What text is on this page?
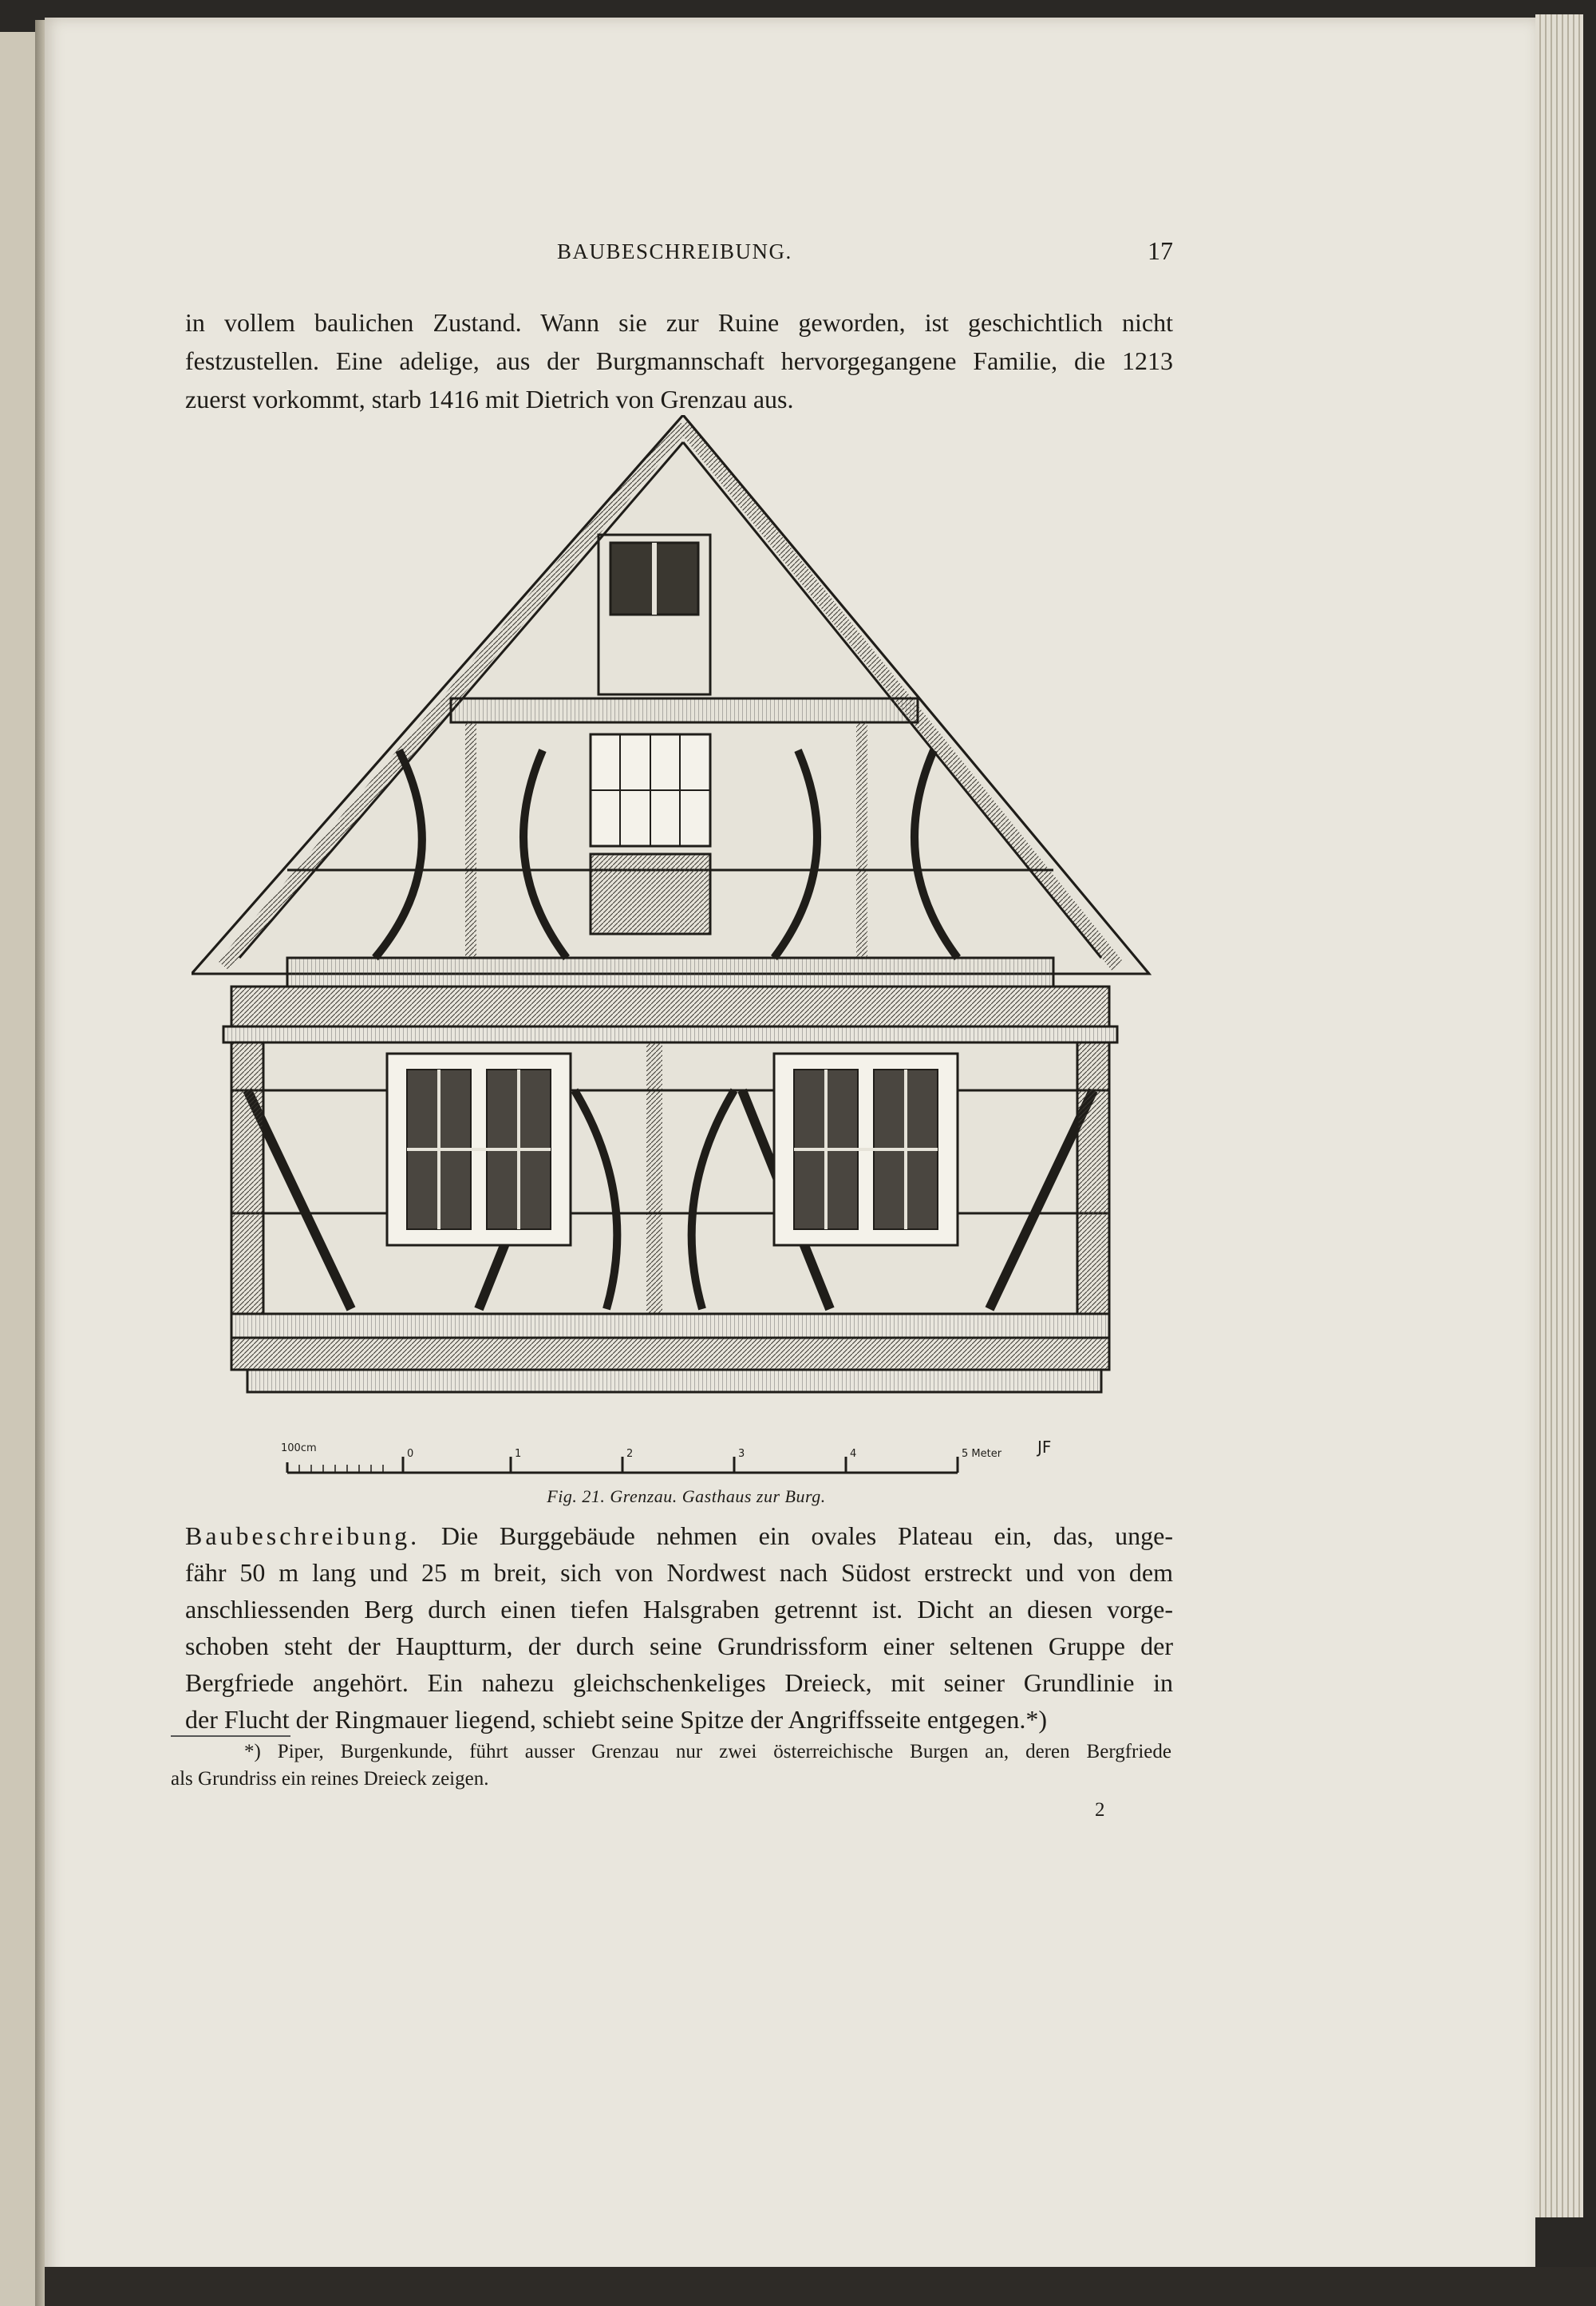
BAUBESCHREIBUNG.	17
in vollem baulichen Zustand. Wann sie zur Ruine geworden, ist geschichtlich nicht
festzustellen. Eine adelige, aus der Burgmannschaft hervorgegangene Familie, die 1213
zuerst vorkommt, starb 1416 mit Dietrich von Grenzau aus.
100cm	0	1	2	3	4	5 Meter JF
Fig. 21. Grenzau. Gasthaus zur Burg.
Baubeschreibung. Die Burggebäude nehmen ein ovales Plateau ein, das, unge-
fähr 50 m lang und 25 m breit, sich von Nordwest nach Südost erstreckt und von dem
anschliessenden Berg durch einen tiefen Halsgraben getrennt ist. Dicht an diesen vorge-
schoben steht der Hauptturm, der durch seine Grundrissform einer seltenen Gruppe der
Bergfriede angehört. Ein nahezu gleichschenkeliges Dreieck, mit seiner Grundlinie in
der Flucht der Ringmauer liegend, schiebt seine Spitze der Angriffsseite entgegen.*)
*) Piper, Burgenkunde, führt ausser Grenzau nur zwei österreichische Burgen an, deren Bergfriede
als Grundriss ein reines Dreieck zeigen.
2
